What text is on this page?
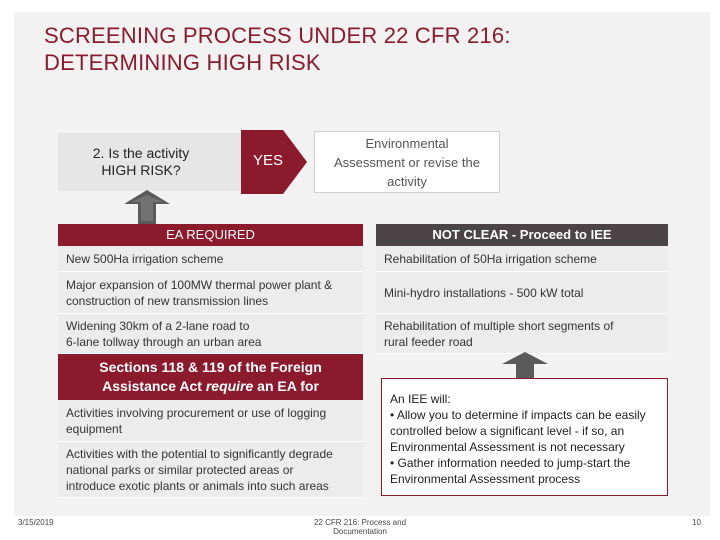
SCREENING PROCESS UNDER 22 CFR 216:
DETERMINING HIGH RISK
2. Is the activity
HIGH RISK?
YES
Environmental
Assessment or revise the
activity
EA REQUIRED	NOT CLEAR - Proceed to IEE
New 500Ha irrigation scheme
Major expansion of 100MW thermal power plant &
construction of new transmission lines
Widening 30km of a 2-lane road to
6-lane tollway through an urban area
Rehabilitation of 50Ha irrigation scheme
Mini-hydro installations - 500 kW total
Rehabilitation of multiple short segments of
rural feeder road
Sections 118 & 119 of the Foreign
Assistance Act require an EA for
Activities involving procurement or use of logging
equipment
Activities with the potential to significantly degrade
national parks or similar protected areas or
introduce exotic plants or animals into such areas
An IEE will:
• Allow you to determine if impacts can be easily
controlled below a significant level - if so, an
Environmental Assessment is not necessary
• Gather information needed to jump-start the
Environmental Assessment process
3/15/2019	22 CFR 216: Process and Documentation
10
